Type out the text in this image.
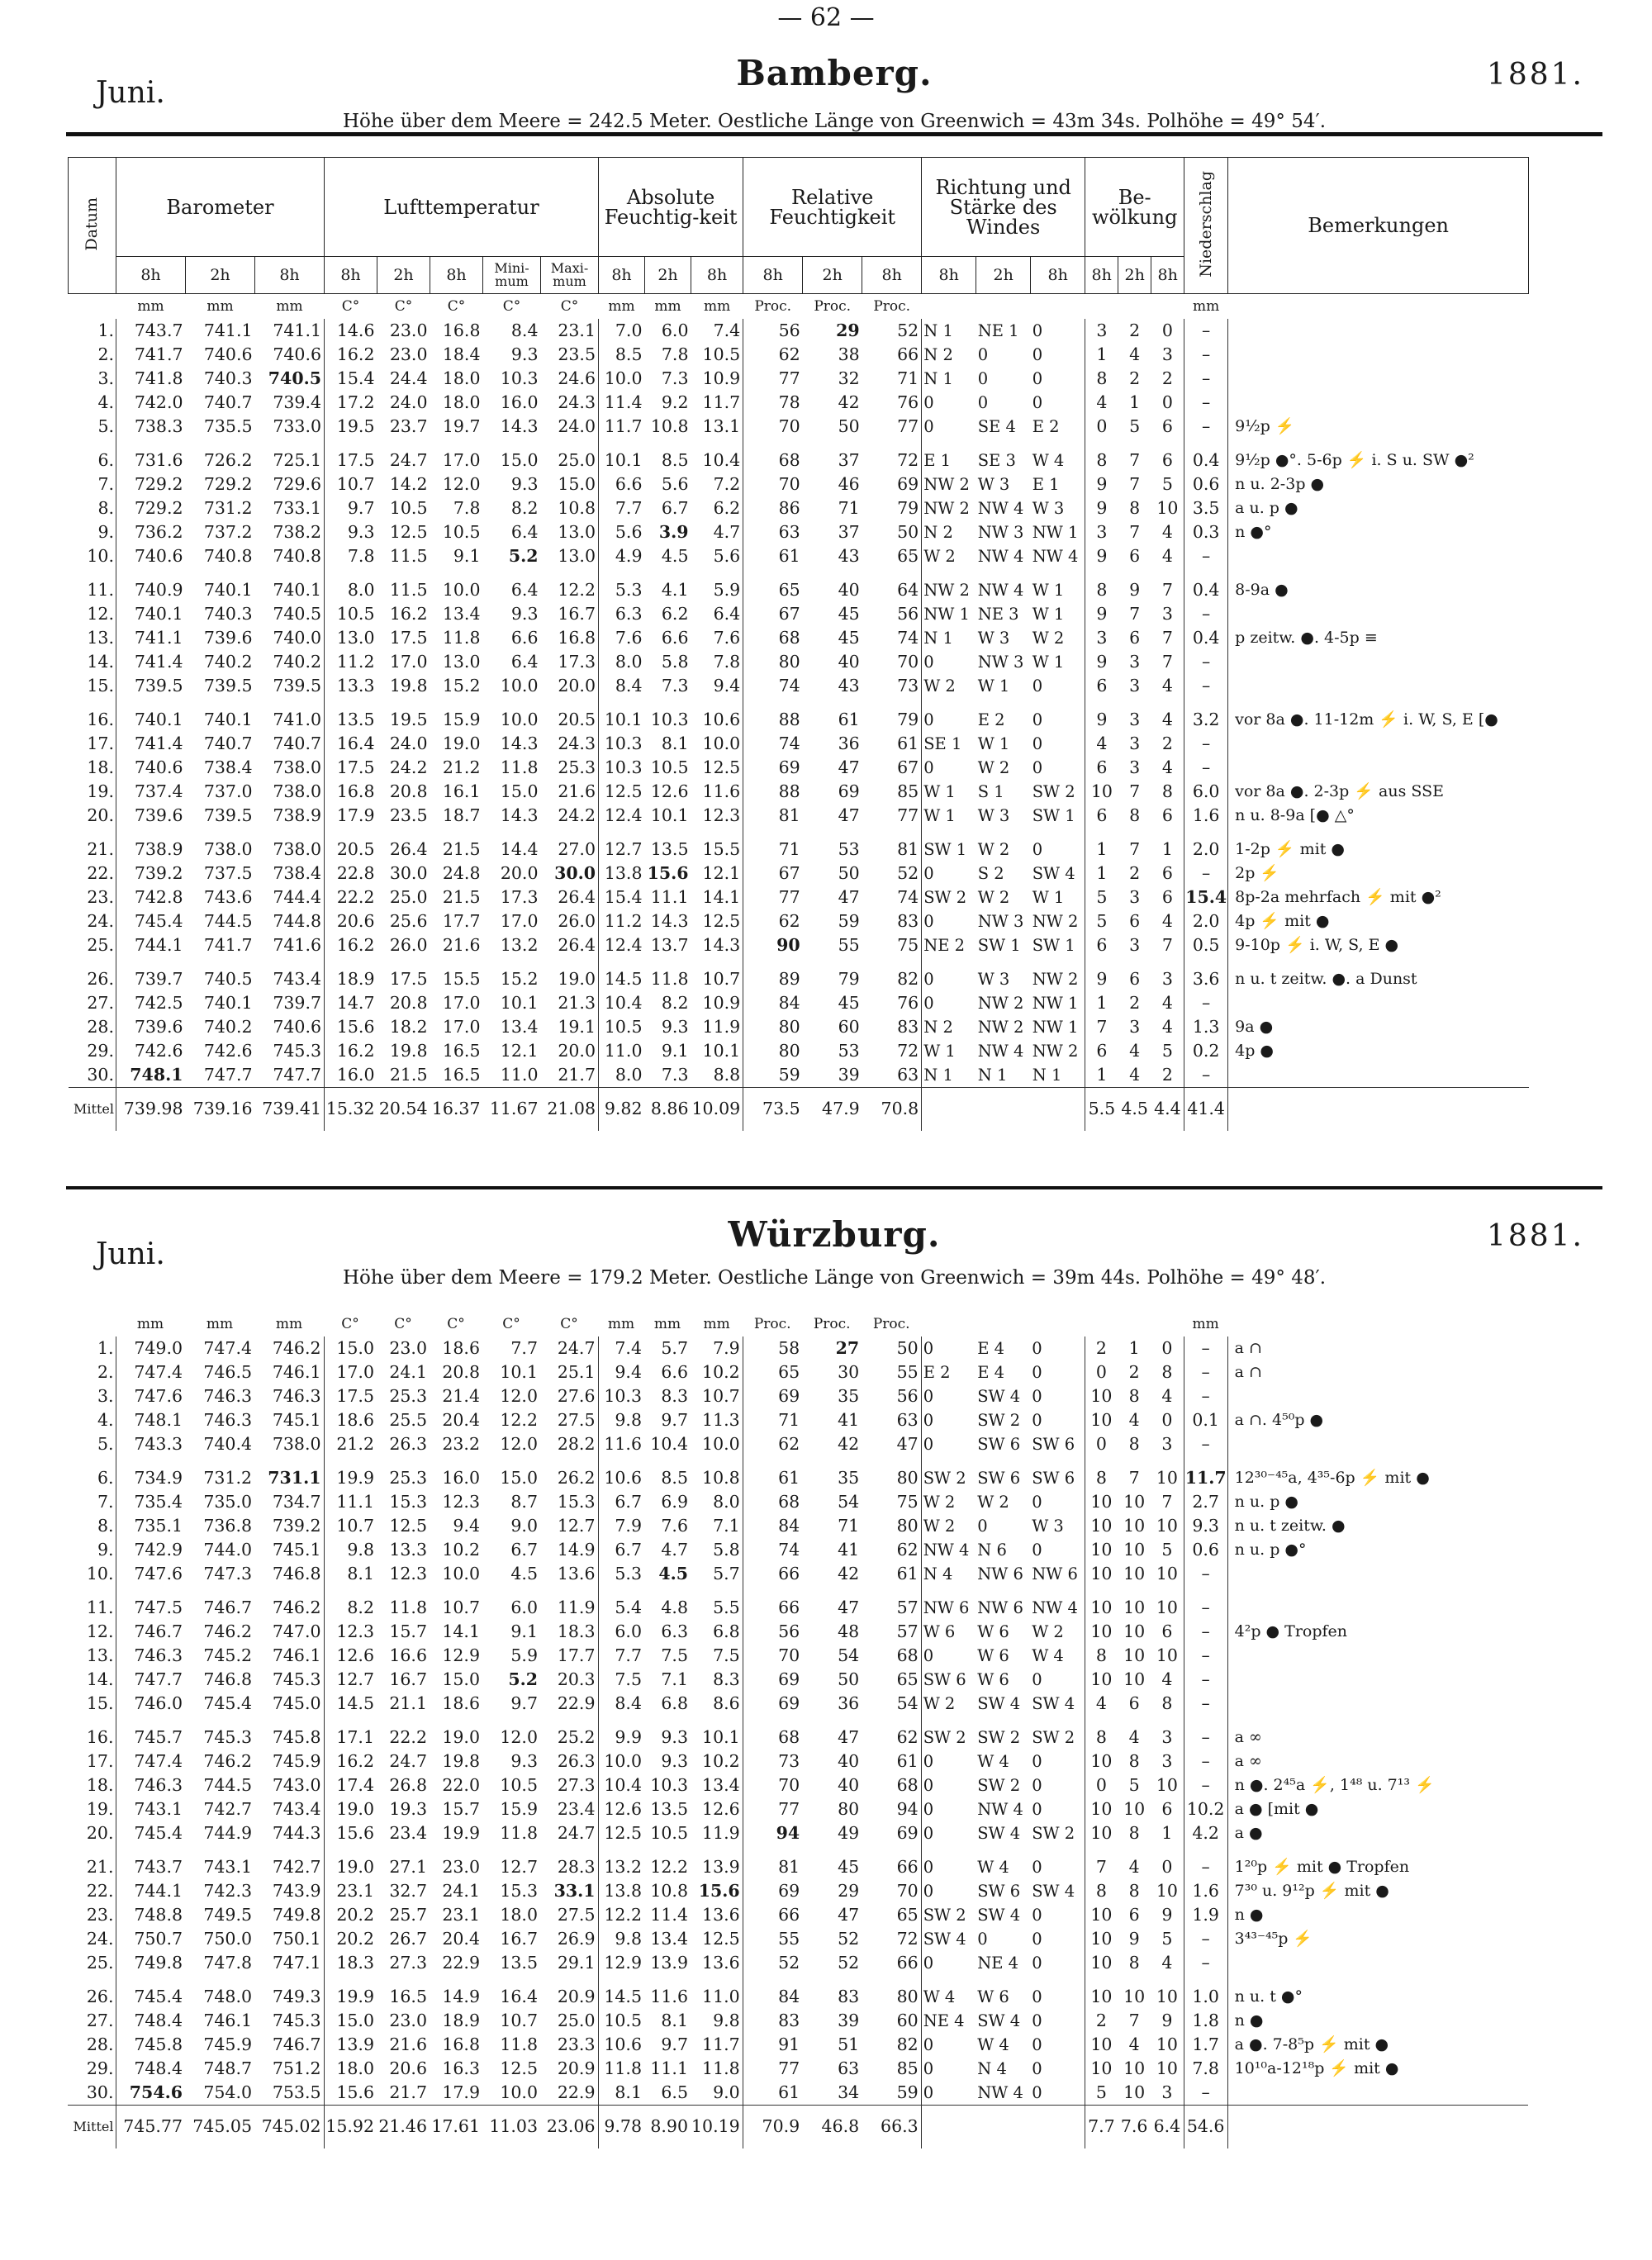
— 62 —
Juni.	Bamberg.	1881.
Höhe über dem Meere = 242.5 Meter. Oestliche Länge von Greenwich = 43m 34s. Polhöhe = 49° 54′.
Datum	Barometer			Lufttemperatur					Absolute Feuchtig-keit			Relative Feuchtigkeit			Richtung und Stärke des Windes			Be-wölkung			Niederschlag	Bemerkungen
	8h	2h	8h	8h	2h	8h	Mini-mum	Maxi-mum	8h	2h	8h	8h	2h	8h	8h	2h	8h	8h	2h	8h		
	mm	mm	mm	C°	C°	C°	C°	C°	mm	mm	mm	Proc.	Proc.	Proc.							mm	
1.	743.7	741.1	741.1	14.6	23.0	16.8	8.4	23.1	7.0	6.0	7.4	56	29	52	N 1	NE 1	0	3	2	0	–	
2.	741.7	740.6	740.6	16.2	23.0	18.4	9.3	23.5	8.5	7.8	10.5	62	38	66	N 2	0	0	1	4	3	–	
3.	741.8	740.3	740.5	15.4	24.4	18.0	10.3	24.6	10.0	7.3	10.9	77	32	71	N 1	0	0	8	2	2	–	
4.	742.0	740.7	739.4	17.2	24.0	18.0	16.0	24.3	11.4	9.2	11.7	78	42	76	0	0	0	4	1	0	–	
5.	738.3	735.5	733.0	19.5	23.7	19.7	14.3	24.0	11.7	10.8	13.1	70	50	77	0	SE 4	E 2	0	5	6	–	9½p ⚡
6.	731.6	726.2	725.1	17.5	24.7	17.0	15.0	25.0	10.1	8.5	10.4	68	37	72	E 1	SE 3	W 4	8	7	6	0.4	9½p ●°. 5-6p ⚡ i. S u. SW ●²
7.	729.2	729.2	729.6	10.7	14.2	12.0	9.3	15.0	6.6	5.6	7.2	70	46	69	NW 2	W 3	E 1	9	7	5	0.6	n u. 2-3p ●
8.	729.2	731.2	733.1	9.7	10.5	7.8	8.2	10.8	7.7	6.7	6.2	86	71	79	NW 2	NW 4	W 3	9	8	10	3.5	a u. p ●
9.	736.2	737.2	738.2	9.3	12.5	10.5	6.4	13.0	5.6	3.9	4.7	63	37	50	N 2	NW 3	NW 1	3	7	4	0.3	n ●°
10.	740.6	740.8	740.8	7.8	11.5	9.1	5.2	13.0	4.9	4.5	5.6	61	43	65	W 2	NW 4	NW 4	9	6	4	–	
11.	740.9	740.1	740.1	8.0	11.5	10.0	6.4	12.2	5.3	4.1	5.9	65	40	64	NW 2	NW 4	W 1	8	9	7	0.4	8-9a ●
12.	740.1	740.3	740.5	10.5	16.2	13.4	9.3	16.7	6.3	6.2	6.4	67	45	56	NW 1	NE 3	W 1	9	7	3	–	
13.	741.1	739.6	740.0	13.0	17.5	11.8	6.6	16.8	7.6	6.6	7.6	68	45	74	N 1	W 3	W 2	3	6	7	0.4	p zeitw. ●. 4-5p ≡
14.	741.4	740.2	740.2	11.2	17.0	13.0	6.4	17.3	8.0	5.8	7.8	80	40	70	0	NW 3	W 1	9	3	7	–	
15.	739.5	739.5	739.5	13.3	19.8	15.2	10.0	20.0	8.4	7.3	9.4	74	43	73	W 2	W 1	0	6	3	4	–	
16.	740.1	740.1	741.0	13.5	19.5	15.9	10.0	20.5	10.1	10.3	10.6	88	61	79	0	E 2	0	9	3	4	3.2	vor 8a ●. 11-12m ⚡ i. W, S, E [●
17.	741.4	740.7	740.7	16.4	24.0	19.0	14.3	24.3	10.3	8.1	10.0	74	36	61	SE 1	W 1	0	4	3	2	–	
18.	740.6	738.4	738.0	17.5	24.2	21.2	11.8	25.3	10.3	10.5	12.5	69	47	67	0	W 2	0	6	3	4	–	
19.	737.4	737.0	738.0	16.8	20.8	16.1	15.0	21.6	12.5	12.6	11.6	88	69	85	W 1	S 1	SW 2	10	7	8	6.0	vor 8a ●. 2-3p ⚡ aus SSE
20.	739.6	739.5	738.9	17.9	23.5	18.7	14.3	24.2	12.4	10.1	12.3	81	47	77	W 1	W 3	SW 1	6	8	6	1.6	n u. 8-9a [● △°
21.	738.9	738.0	738.0	20.5	26.4	21.5	14.4	27.0	12.7	13.5	15.5	71	53	81	SW 1	W 2	0	1	7	1	2.0	1-2p ⚡ mit ●
22.	739.2	737.5	738.4	22.8	30.0	24.8	20.0	30.0	13.8	15.6	12.1	67	50	52	0	S 2	SW 4	1	2	6	–	2p ⚡
23.	742.8	743.6	744.4	22.2	25.0	21.5	17.3	26.4	15.4	11.1	14.1	77	47	74	SW 2	W 2	W 1	5	3	6	15.4	8p-2a mehrfach ⚡ mit ●²
24.	745.4	744.5	744.8	20.6	25.6	17.7	17.0	26.0	11.2	14.3	12.5	62	59	83	0	NW 3	NW 2	5	6	4	2.0	4p ⚡ mit ●
25.	744.1	741.7	741.6	16.2	26.0	21.6	13.2	26.4	12.4	13.7	14.3	90	55	75	NE 2	SW 1	SW 1	6	3	7	0.5	9-10p ⚡ i. W, S, E ●
26.	739.7	740.5	743.4	18.9	17.5	15.5	15.2	19.0	14.5	11.8	10.7	89	79	82	0	W 3	NW 2	9	6	3	3.6	n u. t zeitw. ●. a Dunst
27.	742.5	740.1	739.7	14.7	20.8	17.0	10.1	21.3	10.4	8.2	10.9	84	45	76	0	NW 2	NW 1	1	2	4	–	
28.	739.6	740.2	740.6	15.6	18.2	17.0	13.4	19.1	10.5	9.3	11.9	80	60	83	N 2	NW 2	NW 1	7	3	4	1.3	9a ●
29.	742.6	742.6	745.3	16.2	19.8	16.5	12.1	20.0	11.0	9.1	10.1	80	53	72	W 1	NW 4	NW 2	6	4	5	0.2	4p ●
30.	748.1	747.7	747.7	16.0	21.5	16.5	11.0	21.7	8.0	7.3	8.8	59	39	63	N 1	N 1	N 1	1	4	2	–	
Mittel	739.98	739.16	739.41	15.32	20.54	16.37	11.67	21.08	9.82	8.86	10.09	73.5	47.9	70.8				5.5	4.5	4.4	41.4	
Juni.	Würzburg.	1881.
Höhe über dem Meere = 179.2 Meter. Oestliche Länge von Greenwich = 39m 44s. Polhöhe = 49° 48′.
	mm	mm	mm	C°	C°	C°	C°	C°	mm	mm	mm	Proc.	Proc.	Proc.							mm	
1.	749.0	747.4	746.2	15.0	23.0	18.6	7.7	24.7	7.4	5.7	7.9	58	27	50	0	E 4	0	2	1	0	–	a ∩
2.	747.4	746.5	746.1	17.0	24.1	20.8	10.1	25.1	9.4	6.6	10.2	65	30	55	E 2	E 4	0	0	2	8	–	a ∩
3.	747.6	746.3	746.3	17.5	25.3	21.4	12.0	27.6	10.3	8.3	10.7	69	35	56	0	SW 4	0	10	8	4	–	
4.	748.1	746.3	745.1	18.6	25.5	20.4	12.2	27.5	9.8	9.7	11.3	71	41	63	0	SW 2	0	10	4	0	0.1	a ∩. 4⁵⁰p ●
5.	743.3	740.4	738.0	21.2	26.3	23.2	12.0	28.2	11.6	10.4	10.0	62	42	47	0	SW 6	SW 6	0	8	3	–	
6.	734.9	731.2	731.1	19.9	25.3	16.0	15.0	26.2	10.6	8.5	10.8	61	35	80	SW 2	SW 6	SW 6	8	7	10	11.7	12³⁰⁻⁴⁵a, 4³⁵-6p ⚡ mit ●
7.	735.4	735.0	734.7	11.1	15.3	12.3	8.7	15.3	6.7	6.9	8.0	68	54	75	W 2	W 2	0	10	10	7	2.7	n u. p ●
8.	735.1	736.8	739.2	10.7	12.5	9.4	9.0	12.7	7.9	7.6	7.1	84	71	80	W 2	0	W 3	10	10	10	9.3	n u. t zeitw. ●
9.	742.9	744.0	745.1	9.8	13.3	10.2	6.7	14.9	6.7	4.7	5.8	74	41	62	NW 4	N 6	0	10	10	5	0.6	n u. p ●°
10.	747.6	747.3	746.8	8.1	12.3	10.0	4.5	13.6	5.3	4.5	5.7	66	42	61	N 4	NW 6	NW 6	10	10	10	–	
11.	747.5	746.7	746.2	8.2	11.8	10.7	6.0	11.9	5.4	4.8	5.5	66	47	57	NW 6	NW 6	NW 4	10	10	10	–	
12.	746.7	746.2	747.0	12.3	15.7	14.1	9.1	18.3	6.0	6.3	6.8	56	48	57	W 6	W 6	W 2	10	10	6	–	4²p ● Tropfen
13.	746.3	745.2	746.1	12.6	16.6	12.9	5.9	17.7	7.7	7.5	7.5	70	54	68	0	W 6	W 4	8	10	10	–	
14.	747.7	746.8	745.3	12.7	16.7	15.0	5.2	20.3	7.5	7.1	8.3	69	50	65	SW 6	W 6	0	10	10	4	–	
15.	746.0	745.4	745.0	14.5	21.1	18.6	9.7	22.9	8.4	6.8	8.6	69	36	54	W 2	SW 4	SW 4	4	6	8	–	
16.	745.7	745.3	745.8	17.1	22.2	19.0	12.0	25.2	9.9	9.3	10.1	68	47	62	SW 2	SW 2	SW 2	8	4	3	–	a ∞
17.	747.4	746.2	745.9	16.2	24.7	19.8	9.3	26.3	10.0	9.3	10.2	73	40	61	0	W 4	0	10	8	3	–	a ∞
18.	746.3	744.5	743.0	17.4	26.8	22.0	10.5	27.3	10.4	10.3	13.4	70	40	68	0	SW 2	0	0	5	10	–	n ●. 2⁴⁵a ⚡, 1⁴⁸ u. 7¹³ ⚡
19.	743.1	742.7	743.4	19.0	19.3	15.7	15.9	23.4	12.6	13.5	12.6	77	80	94	0	NW 4	0	10	10	6	10.2	a ● [mit ●
20.	745.4	744.9	744.3	15.6	23.4	19.9	11.8	24.7	12.5	10.5	11.9	94	49	69	0	SW 4	SW 2	10	8	1	4.2	a ●
21.	743.7	743.1	742.7	19.0	27.1	23.0	12.7	28.3	13.2	12.2	13.9	81	45	66	0	W 4	0	7	4	0	–	1²⁰p ⚡ mit ● Tropfen
22.	744.1	742.3	743.9	23.1	32.7	24.1	15.3	33.1	13.8	10.8	15.6	69	29	70	0	SW 6	SW 4	8	8	10	1.6	7³⁰ u. 9¹²p ⚡ mit ●
23.	748.8	749.5	749.8	20.2	25.7	23.1	18.0	27.5	12.2	11.4	13.6	66	47	65	SW 2	SW 4	0	10	6	9	1.9	n ●
24.	750.7	750.0	750.1	20.2	26.7	20.4	16.7	26.9	9.8	13.4	12.5	55	52	72	SW 4	0	0	10	9	5	–	3⁴³⁻⁴⁵p ⚡
25.	749.8	747.8	747.1	18.3	27.3	22.9	13.5	29.1	12.9	13.9	13.6	52	52	66	0	NE 4	0	10	8	4	–	
26.	745.4	748.0	749.3	19.9	16.5	14.9	16.4	20.9	14.5	11.6	11.0	84	83	80	W 4	W 6	0	10	10	10	1.0	n u. t ●°
27.	748.4	746.1	745.3	15.0	23.0	18.9	10.7	25.0	10.5	8.1	9.8	83	39	60	NE 4	SW 4	0	2	7	9	1.8	n ●
28.	745.8	745.9	746.7	13.9	21.6	16.8	11.8	23.3	10.6	9.7	11.7	91	51	82	0	W 4	0	10	4	10	1.7	a ●. 7-8⁵p ⚡ mit ●
29.	748.4	748.7	751.2	18.0	20.6	16.3	12.5	20.9	11.8	11.1	11.8	77	63	85	0	N 4	0	10	10	10	7.8	10¹⁰a-12¹⁸p ⚡ mit ●
30.	754.6	754.0	753.5	15.6	21.7	17.9	10.0	22.9	8.1	6.5	9.0	61	34	59	0	NW 4	0	5	10	3	–	
Mittel	745.77	745.05	745.02	15.92	21.46	17.61	11.03	23.06	9.78	8.90	10.19	70.9	46.8	66.3				7.7	7.6	6.4	54.6	
